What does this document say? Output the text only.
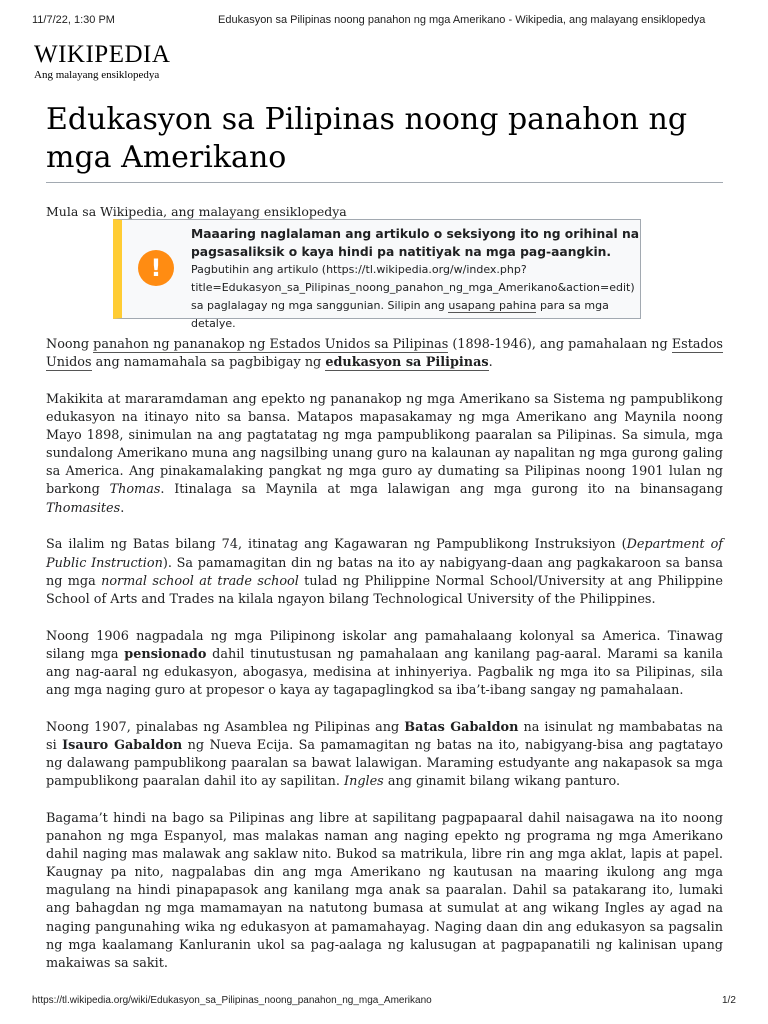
11/7/22, 1:30 PM	Edukasyon sa Pilipinas noong panahon ng mga Amerikano - Wikipedia, ang malayang ensiklopedya
WIKIPEDIA
Ang malayang ensiklopedya
Edukasyon sa Pilipinas noong panahon ng mga Amerikano
Mula sa Wikipedia, ang malayang ensiklopedya
!
Maaaring naglalaman ang artikulo o seksiyong ito ng orihinal na pagsasaliksik o kaya hindi pa natitiyak na mga pag-aangkin.
Pagbutihin ang artikulo (https://tl.wikipedia.org/w/index.php?title=Edukasyon_sa_Pilipinas_noong_panahon_ng_mga_Amerikano&action=edit) sa paglalagay ng mga sanggunian. Silipin ang usapang pahina para sa mga detalye.

Noong panahon ng pananakop ng Estados Unidos sa Pilipinas (1898-1946), ang pamahalaan ng Estados Unidos ang namamahala sa pagbibigay ng edukasyon sa Pilipinas.

Makikita at mararamdaman ang epekto ng pananakop ng mga Amerikano sa Sistema ng pampublikong edukasyon na itinayo nito sa bansa. Matapos mapasakamay ng mga Amerikano ang Maynila noong Mayo 1898, sinimulan na ang pagtatatag ng mga pampublikong paaralan sa Pilipinas. Sa simula, mga sundalong Amerikano muna ang nagsilbing unang guro na kalaunan ay napalitan ng mga gurong galing sa America. Ang pinakamalaking pangkat ng mga guro ay dumating sa Pilipinas noong 1901 lulan ng barkong Thomas. Itinalaga sa Maynila at mga lalawigan ang mga gurong ito na binansagang Thomasites.

Sa ilalim ng Batas bilang 74, itinatag ang Kagawaran ng Pampublikong Instruksiyon (Department of Public Instruction). Sa pamamagitan din ng batas na ito ay nabigyang-daan ang pagkakaroon sa bansa ng mga normal school at trade school tulad ng Philippine Normal School/University at ang Philippine School of Arts and Trades na kilala ngayon bilang Technological University of the Philippines.

Noong 1906 nagpadala ng mga Pilipinong iskolar ang pamahalaang kolonyal sa America. Tinawag silang mga pensionado dahil tinutustusan ng pamahalaan ang kanilang pag-aaral. Marami sa kanila ang nag-aaral ng edukasyon, abogasya, medisina at inhinyeriya. Pagbalik ng mga ito sa Pilipinas, sila ang mga naging guro at propesor o kaya ay tagapaglingkod sa iba’t-ibang sangay ng pamahalaan.

Noong 1907, pinalabas ng Asamblea ng Pilipinas ang Batas Gabaldon na isinulat ng mambabatas na si Isauro Gabaldon ng Nueva Ecija. Sa pamamagitan ng batas na ito, nabigyang-bisa ang pagtatayo ng dalawang pampublikong paaralan sa bawat lalawigan. Maraming estudyante ang nakapasok sa mga pampublikong paaralan dahil ito ay sapilitan. Ingles ang ginamit bilang wikang panturo.

Bagama’t hindi na bago sa Pilipinas ang libre at sapilitang pagpapaaral dahil naisagawa na ito noong panahon ng mga Espanyol, mas malakas naman ang naging epekto ng programa ng mga Amerikano dahil naging mas malawak ang saklaw nito. Bukod sa matrikula, libre rin ang mga aklat, lapis at papel. Kaugnay pa nito, nagpalabas din ang mga Amerikano ng kautusan na maaring ikulong ang mga magulang na hindi pinapapasok ang kanilang mga anak sa paaralan. Dahil sa patakarang ito, lumaki ang bahagdan ng mga mamamayan na natutong bumasa at sumulat at ang wikang Ingles ay agad na naging pangunahing wika ng edukasyon at pamamahayag. Naging daan din ang edukasyon sa pagsalin ng mga kaalamang Kanluranin ukol sa pag-aalaga ng kalusugan at pagpapanatili ng kalinisan upang makaiwas sa sakit.

https://tl.wikipedia.org/wiki/Edukasyon_sa_Pilipinas_noong_panahon_ng_mga_Amerikano	1/2
